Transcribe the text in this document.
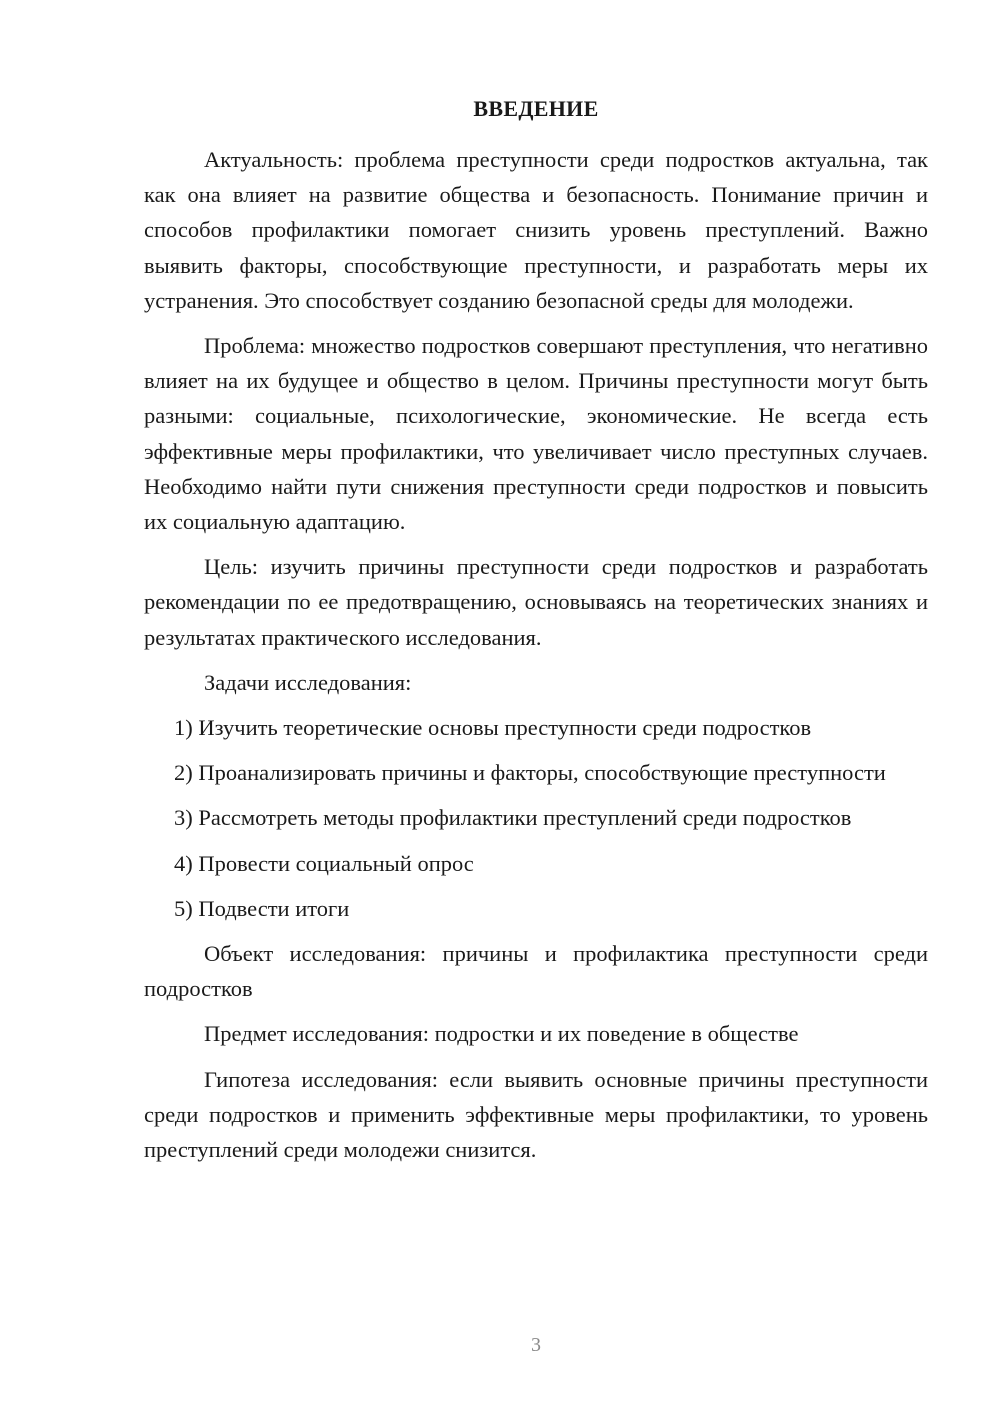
ВВЕДЕНИЕ

Актуальность: проблема преступности среди подростков актуальна, так как она влияет на развитие общества и безопасность. Понимание причин и способов профилактики помогает снизить уровень преступлений. Важно выявить факторы, способствующие преступности, и разработать меры их устранения. Это способствует созданию безопасной среды для молодежи.

Проблема: множество подростков совершают преступления, что негативно влияет на их будущее и общество в целом. Причины преступности могут быть разными: социальные, психологические, экономические. Не всегда есть эффективные меры профилактики, что увеличивает число преступных случаев. Необходимо найти пути снижения преступности среди подростков и повысить их социальную адаптацию.

Цель: изучить причины преступности среди подростков и разработать рекомендации по ее предотвращению, основываясь на теоретических знаниях и результатах практического исследования.

Задачи исследования:

1) Изучить теоретические основы преступности среди подростков

2) Проанализировать причины и факторы, способствующие преступности

3) Рассмотреть методы профилактики преступлений среди подростков

4) Провести социальный опрос

5) Подвести итоги

Объект исследования: причины и профилактика преступности среди подростков

Предмет исследования: подростки и их поведение в обществе

Гипотеза исследования: если выявить основные причины преступности среди подростков и применить эффективные меры профилактики, то уровень преступлений среди молодежи снизится.

3
